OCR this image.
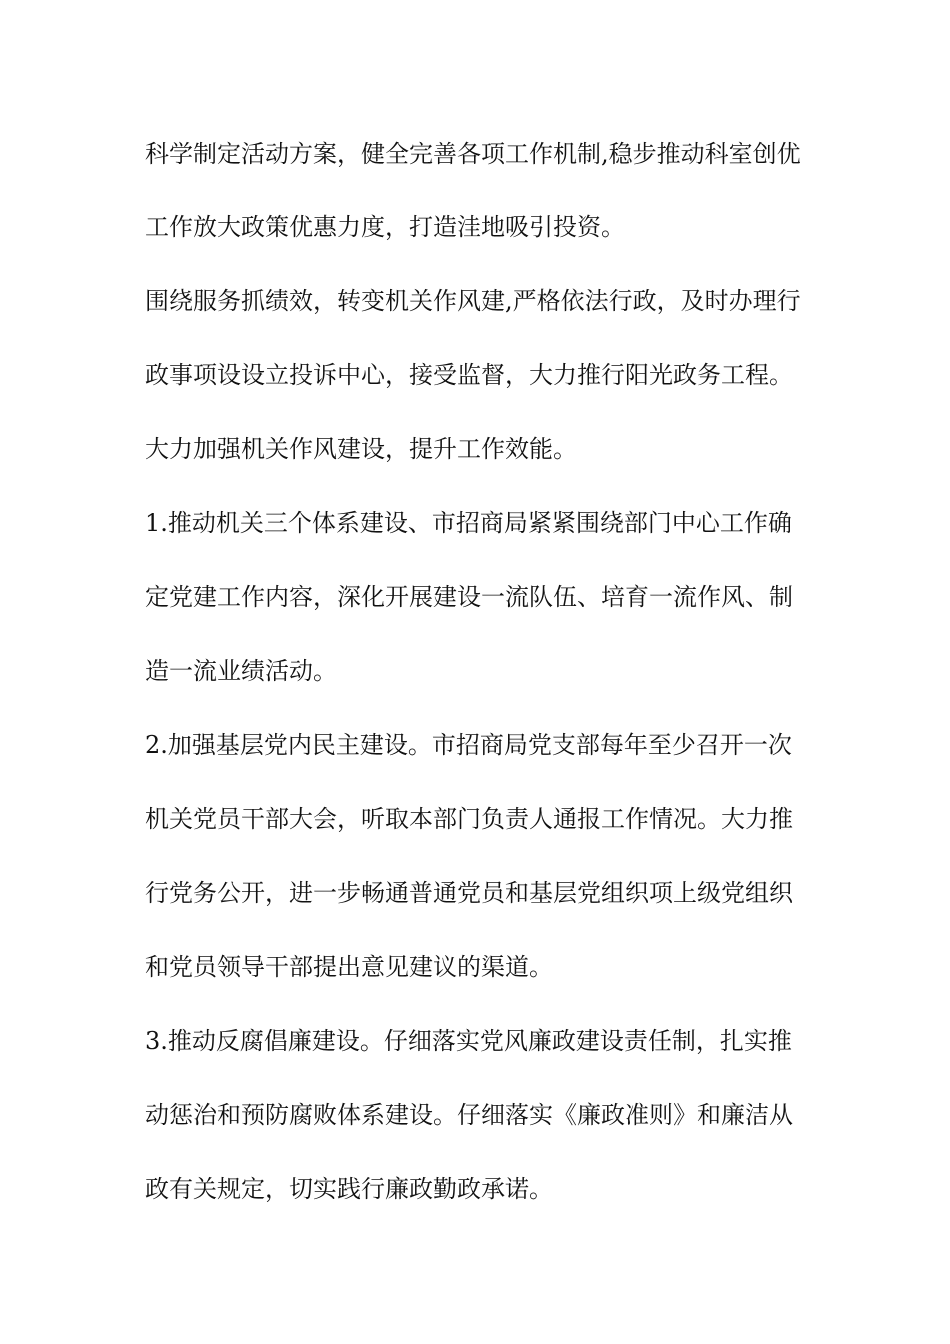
科学制定活动方案，健全完善各项工作机制,稳步推动科室创优
工作放大政策优惠力度，打造洼地吸引投资。
围绕服务抓绩效，转变机关作风建,严格依法行政，及时办理行
政事项设设立投诉中心，接受监督，大力推行阳光政务工程。
大力加强机关作风建设，提升工作效能。
1.推动机关三个体系建设、市招商局紧紧围绕部门中心工作确
定党建工作内容，深化开展建设一流队伍、培育一流作风、制
造一流业绩活动。
2.加强基层党内民主建设。市招商局党支部每年至少召开一次
机关党员干部大会，听取本部门负责人通报工作情况。大力推
行党务公开，进一步畅通普通党员和基层党组织项上级党组织
和党员领导干部提出意见建议的渠道。
3.推动反腐倡廉建设。仔细落实党风廉政建设责任制，扎实推
动惩治和预防腐败体系建设。仔细落实《廉政准则》和廉洁从
政有关规定，切实践行廉政勤政承诺。
